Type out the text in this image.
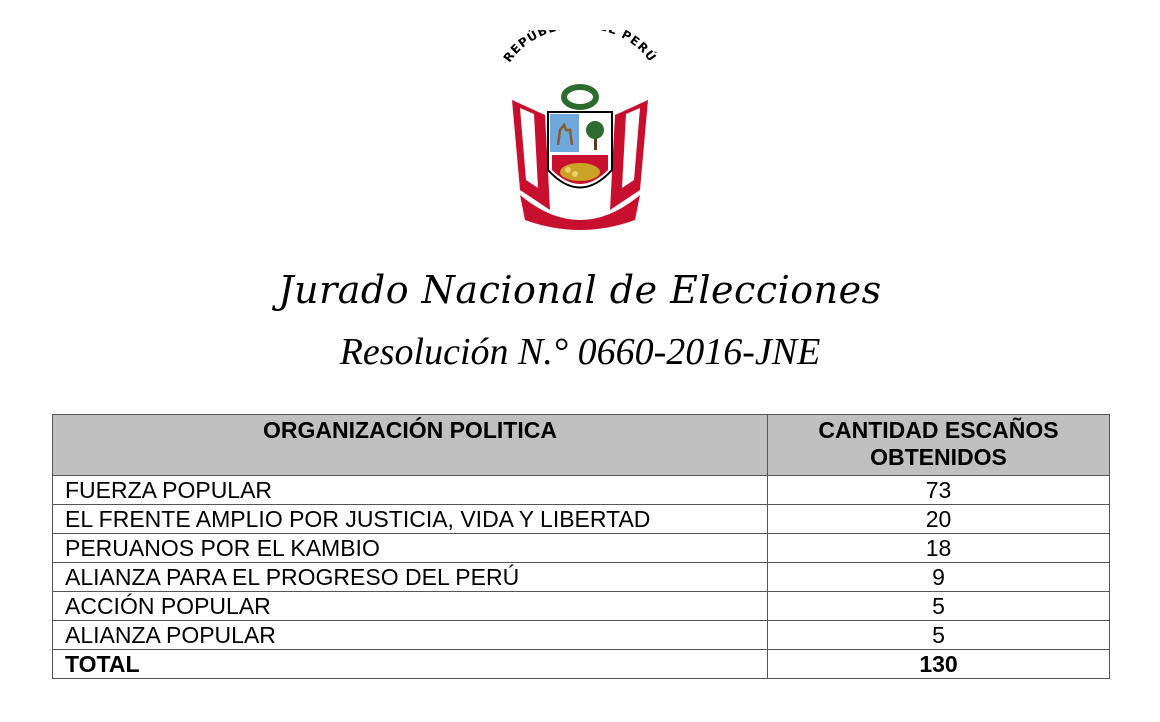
REPÚB PERÚ
Jurado Nacional de Elecciones
Resolución N.° 0660-2016-JNE
ORGANIZACIÓN POLITICA	CANTIDAD ESCAÑOS
OBTENIDOS
FUERZA POPULAR	73
EL FRENTE AMPLIO POR JUSTICIA, VIDA Y LIBERTAD	20
PERUANOS POR EL KAMBIO	18
ALIANZA PARA EL PROGRESO DEL PERÚ	9
ACCIÓN POPULAR	5
ALIANZA POPULAR	5
TOTAL	130
